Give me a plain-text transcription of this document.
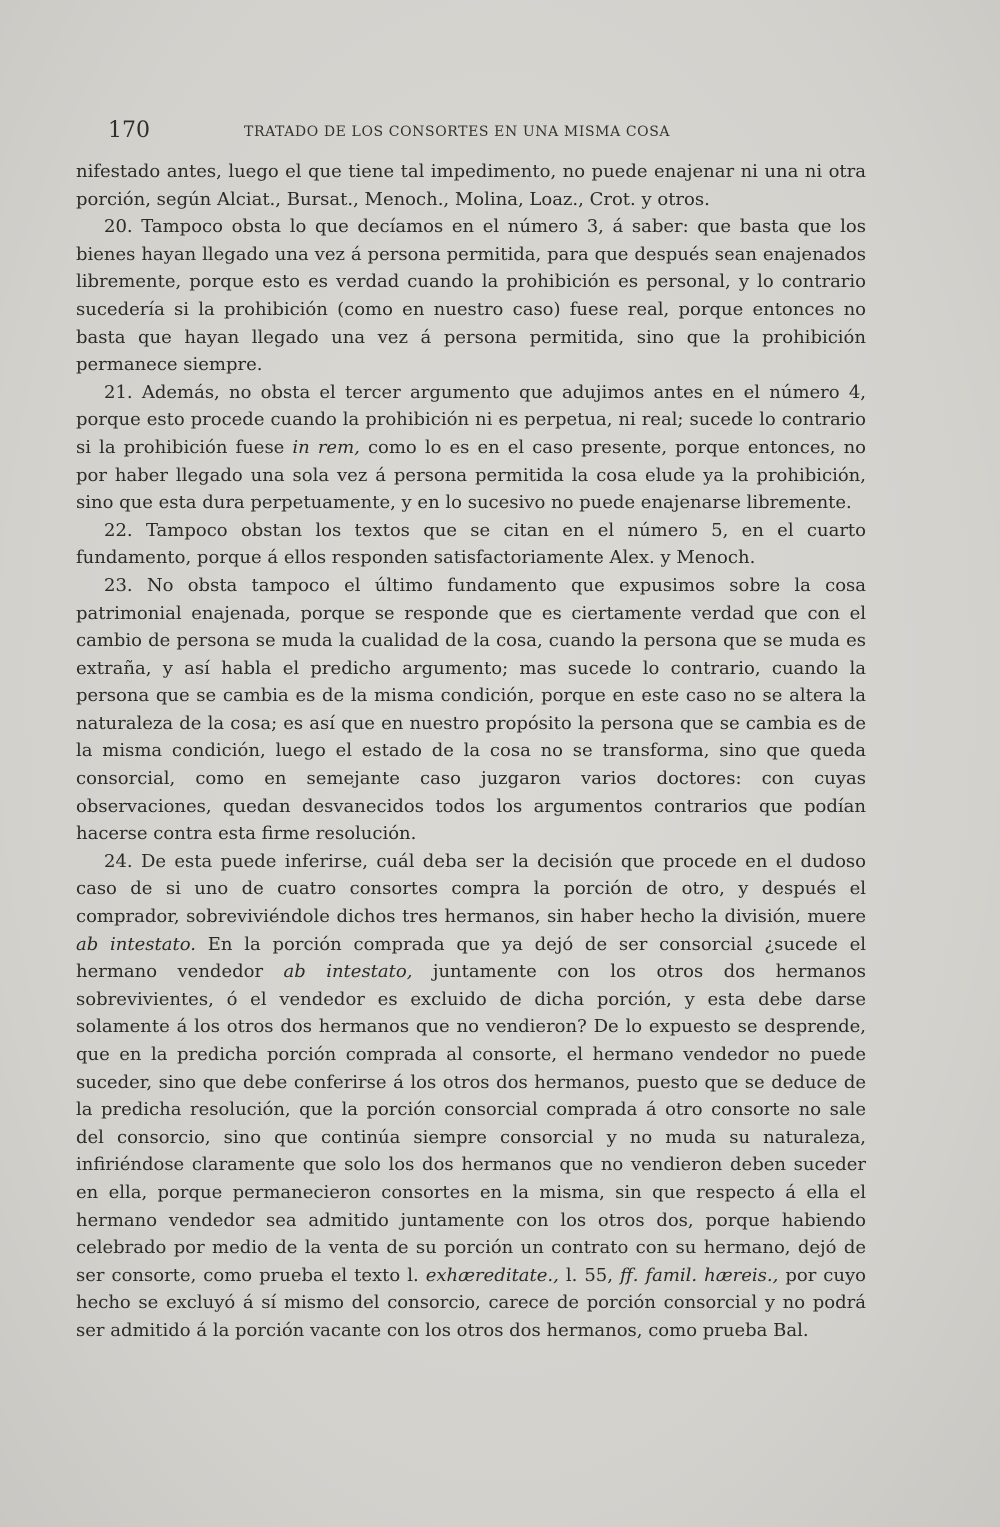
170	TRATADO DE LOS CONSORTES EN UNA MISMA COSA

nifestado antes, luego el que tiene tal impedimento, no puede enajenar ni una ni otra porción, según Alciat., Bursat., Menoch., Molina, Loaz., Crot. y otros.

20. Tampoco obsta lo que decíamos en el número 3, á saber: que basta que los bienes hayan llegado una vez á persona permitida, para que después sean enajenados libremente, porque esto es verdad cuando la prohibición es personal, y lo contrario sucedería si la prohibición (como en nuestro caso) fuese real, porque entonces no basta que hayan llegado una vez á persona permitida, sino que la prohibición permanece siempre.

21. Además, no obsta el tercer argumento que adujimos antes en el número 4, porque esto procede cuando la prohibición ni es perpetua, ni real; sucede lo contrario si la prohibición fuese in rem, como lo es en el caso presente, porque entonces, no por haber llegado una sola vez á persona permitida la cosa elude ya la prohibición, sino que esta dura perpetuamente, y en lo sucesivo no puede enajenarse libremente.

22. Tampoco obstan los textos que se citan en el número 5, en el cuarto fundamento, porque á ellos responden satisfactoriamente Alex. y Menoch.

23. No obsta tampoco el último fundamento que expusimos sobre la cosa patrimonial enajenada, porque se responde que es ciertamente verdad que con el cambio de persona se muda la cualidad de la cosa, cuando la persona que se muda es extraña, y así habla el predicho argumento; mas sucede lo contrario, cuando la persona que se cambia es de la misma condición, porque en este caso no se altera la naturaleza de la cosa; es así que en nuestro propósito la persona que se cambia es de la misma condición, luego el estado de la cosa no se transforma, sino que queda consorcial, como en semejante caso juzgaron varios doctores: con cuyas observaciones, quedan desvanecidos todos los argumentos contrarios que podían hacerse contra esta firme resolución.

24. De esta puede inferirse, cuál deba ser la decisión que procede en el dudoso caso de si uno de cuatro consortes compra la porción de otro, y después el comprador, sobreviviéndole dichos tres hermanos, sin haber hecho la división, muere ab intestato. En la porción comprada que ya dejó de ser consorcial ¿sucede el hermano vendedor ab intestato, juntamente con los otros dos hermanos sobrevivientes, ó el vendedor es excluido de dicha porción, y esta debe darse solamente á los otros dos hermanos que no vendieron? De lo expuesto se desprende, que en la predicha porción comprada al consorte, el hermano vendedor no puede suceder, sino que debe conferirse á los otros dos hermanos, puesto que se deduce de la predicha resolución, que la porción consorcial comprada á otro consorte no sale del consorcio, sino que continúa siempre consorcial y no muda su naturaleza, infiriéndose claramente que solo los dos hermanos que no vendieron deben suceder en ella, porque permanecieron consortes en la misma, sin que respecto á ella el hermano vendedor sea admitido juntamente con los otros dos, porque habiendo celebrado por medio de la venta de su porción un contrato con su hermano, dejó de ser consorte, como prueba el texto l. exhæreditate., l. 55, ff. famil. hæreis., por cuyo hecho se excluyó á sí mismo del consorcio, carece de porción consorcial y no podrá ser admitido á la porción vacante con los otros dos hermanos, como prueba Bal.
